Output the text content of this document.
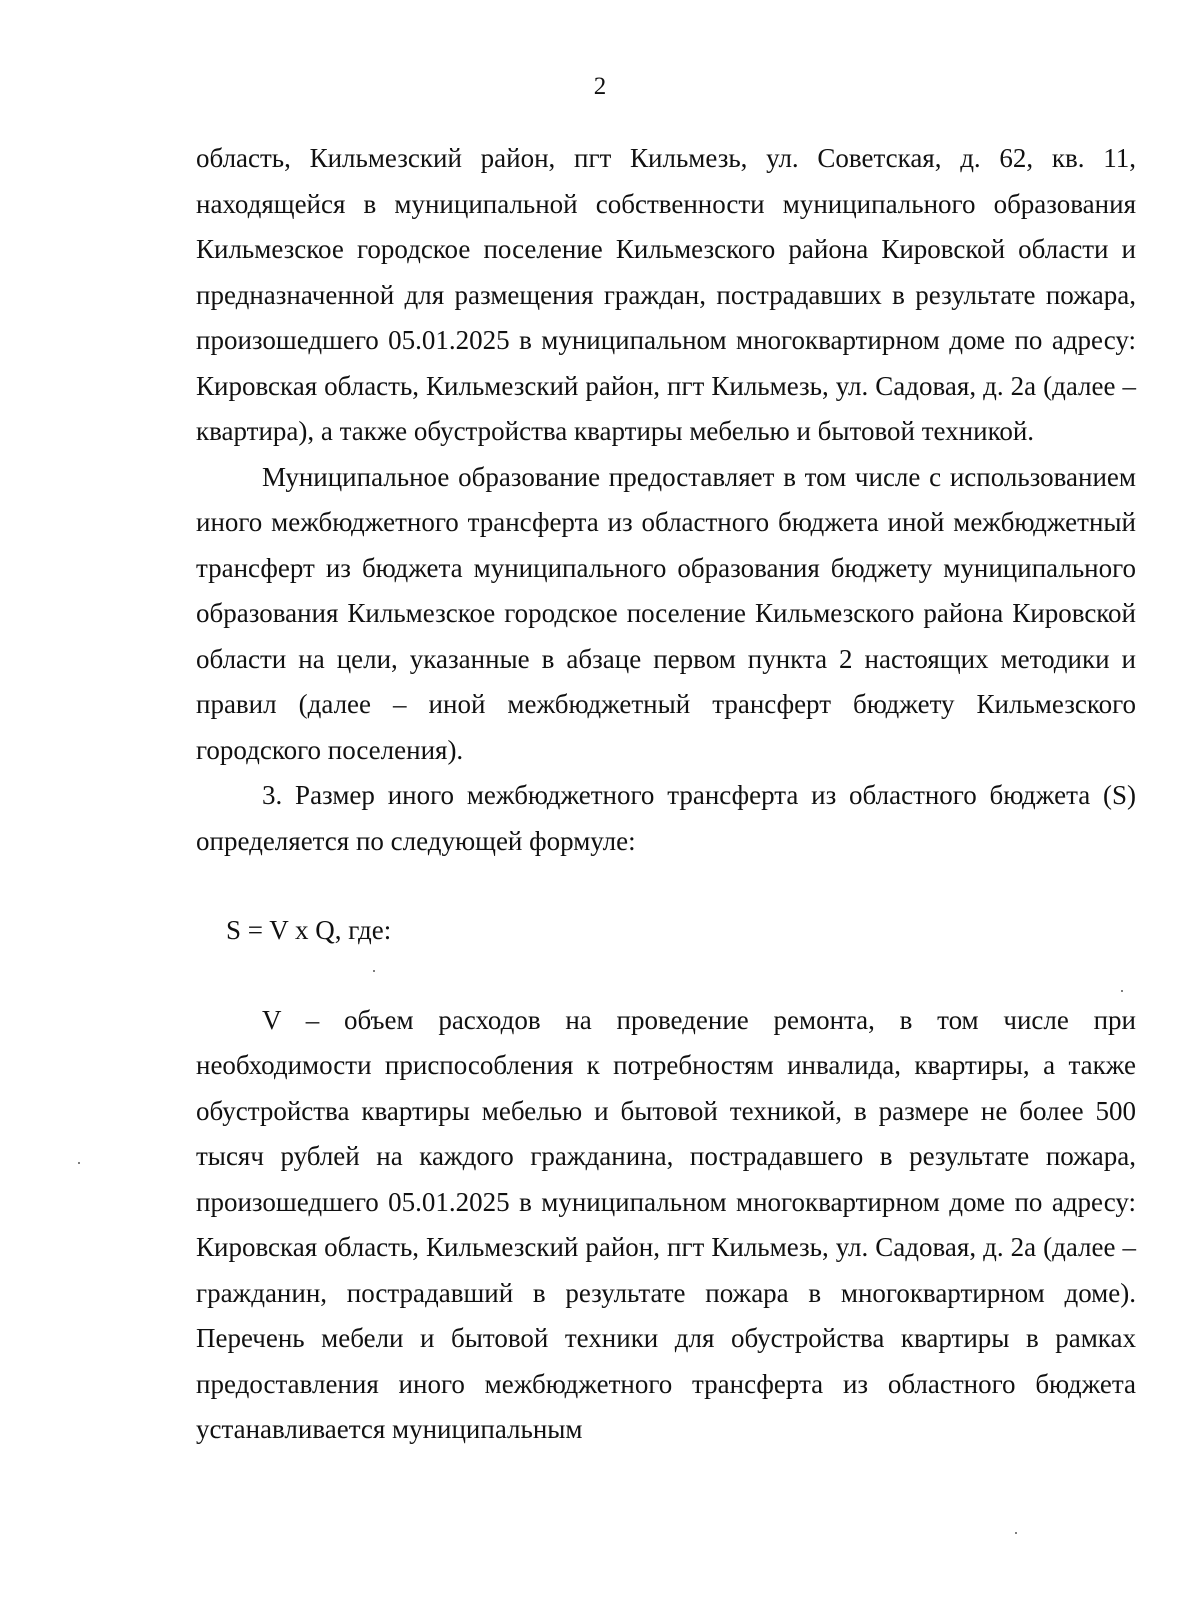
2

область, Кильмезский район, пгт Кильмезь, ул. Советская, д. 62, кв. 11, находящейся в муниципальной собственности муниципального образования Кильмезское городское поселение Кильмезского района Кировской области и предназначенной для размещения граждан, пострадавших в результате пожара, произошедшего 05.01.2025 в муниципальном многоквартирном доме по адресу: Кировская область, Кильмезский район, пгт Кильмезь, ул. Садовая, д. 2а (далее – квартира), а также обустройства квартиры мебелью и бытовой техникой.

Муниципальное образование предоставляет в том числе с использованием иного межбюджетного трансферта из областного бюджета иной межбюджетный трансферт из бюджета муниципального образования бюджету муниципального образования Кильмезское городское поселение Кильмезского района Кировской области на цели, указанные в абзаце первом пункта 2 настоящих методики и правил (далее – иной межбюджетный трансферт бюджету Кильмезского городского поселения).

3. Размер иного межбюджетного трансферта из областного бюджета (S) определяется по следующей формуле:

S = V x Q, где:

V – объем расходов на проведение ремонта, в том числе при необходимости приспособления к потребностям инвалида, квартиры, а также обустройства квартиры мебелью и бытовой техникой, в размере не более 500 тысяч рублей на каждого гражданина, пострадавшего в результате пожара, произошедшего 05.01.2025 в муниципальном многоквартирном доме по адресу: Кировская область, Кильмезский район, пгт Кильмезь, ул. Садовая, д. 2а (далее – гражданин, пострадавший в результате пожара в многоквартирном доме). Перечень мебели и бытовой техники для обустройства квартиры в рамках предоставления иного межбюджетного трансферта из областного бюджета устанавливается муниципальным
